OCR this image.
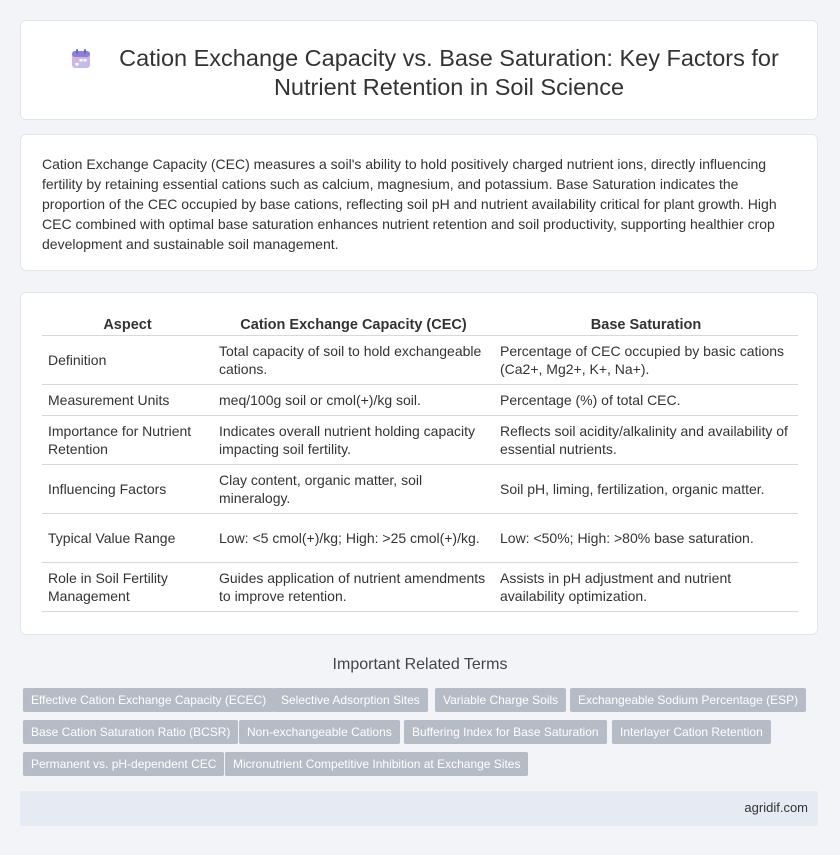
Cation Exchange Capacity vs. Base Saturation: Key Factors for Nutrient Retention in Soil Science
Cation Exchange Capacity (CEC) measures a soil's ability to hold positively charged nutrient ions, directly influencing fertility by retaining essential cations such as calcium, magnesium, and potassium. Base Saturation indicates the proportion of the CEC occupied by base cations, reflecting soil pH and nutrient availability critical for plant growth. High CEC combined with optimal base saturation enhances nutrient retention and soil productivity, supporting healthier crop development and sustainable soil management.
Aspect	Cation Exchange Capacity (CEC)	Base Saturation
Definition	Total capacity of soil to hold exchangeable cations.	Percentage of CEC occupied by basic cations (Ca2+, Mg2+, K+, Na+).
Measurement Units	meq/100g soil or cmol(+)/kg soil.	Percentage (%) of total CEC.
Importance for Nutrient Retention	Indicates overall nutrient holding capacity impacting soil fertility.	Reflects soil acidity/alkalinity and availability of essential nutrients.
Influencing Factors	Clay content, organic matter, soil mineralogy.	Soil pH, liming, fertilization, organic matter.
Typical Value Range	Low: <5 cmol(+)/kg; High: >25 cmol(+)/kg.	Low: <50%; High: >80% base saturation.
Role in Soil Fertility Management	Guides application of nutrient amendments to improve retention.	Assists in pH adjustment and nutrient availability optimization.
Important Related Terms
Effective Cation Exchange Capacity (ECEC)	Selective Adsorption Sites	Variable Charge Soils	Exchangeable Sodium Percentage (ESP)
Base Cation Saturation Ratio (BCSR)	Non-exchangeable Cations	Buffering Index for Base Saturation	Interlayer Cation Retention
Permanent vs. pH-dependent CEC	Micronutrient Competitive Inhibition at Exchange Sites
agridif.com
